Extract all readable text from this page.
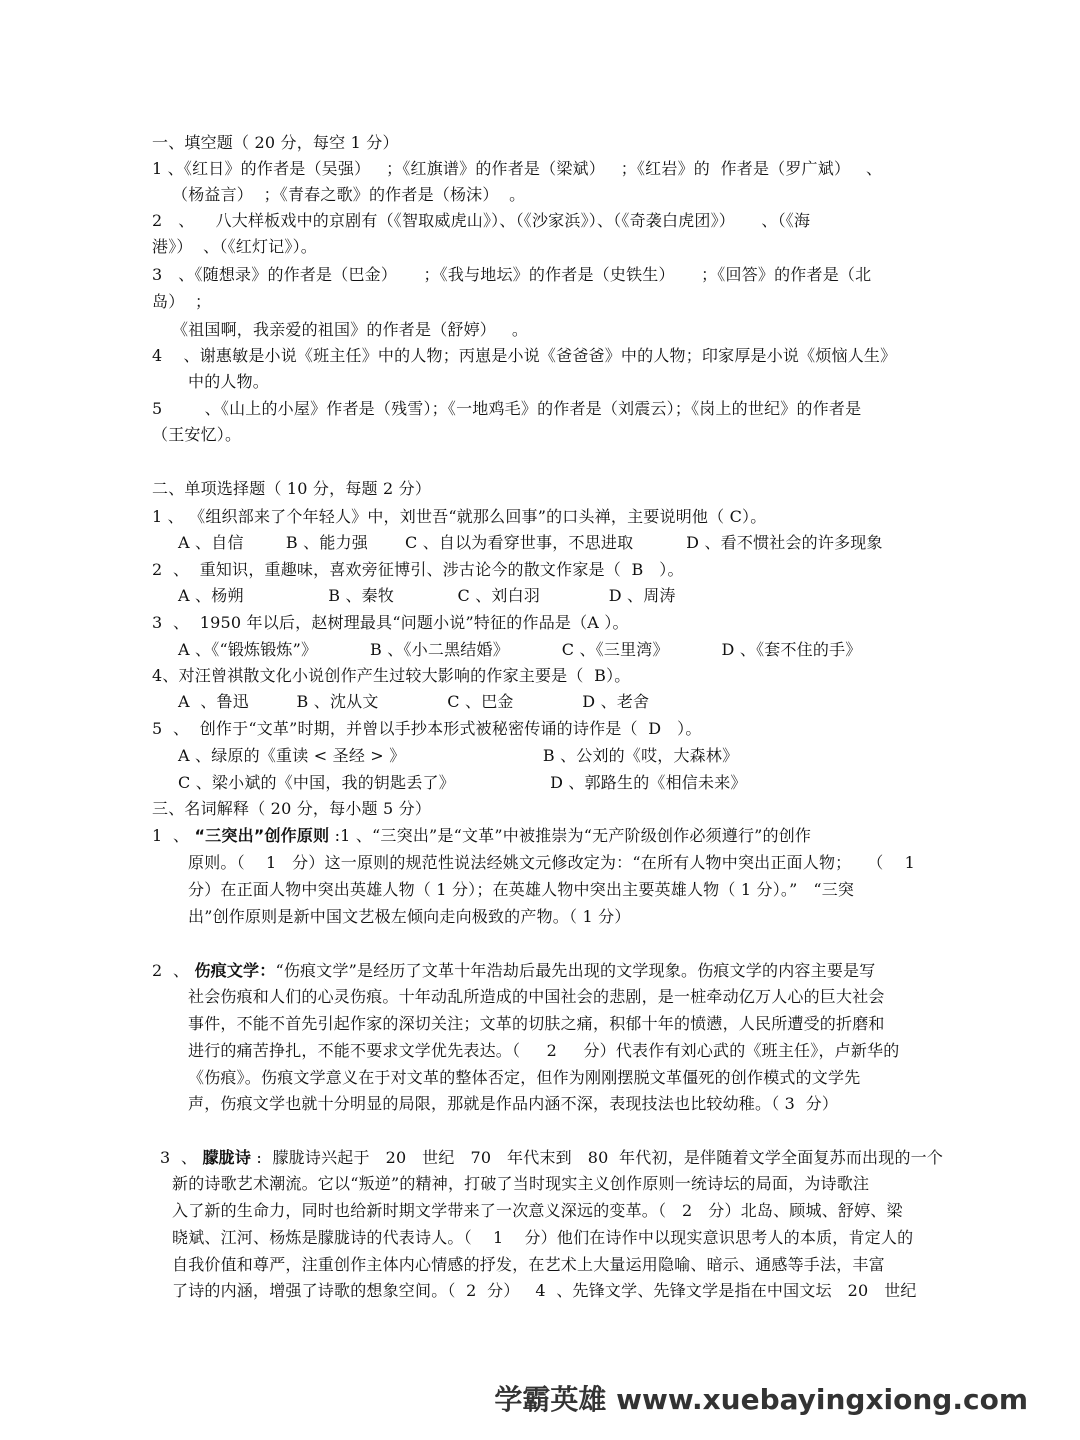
一、填空题（ 20 分，每空 1 分）
1 、《红日》的作者是（吴强）   ；《红旗谱》的作者是（梁斌）   ；《红岩》的  作者是（罗广斌）   、
（杨益言）  ；《青春之歌》的作者是（杨沫）  。
2   、    八大样板戏中的京剧有（《智取威虎山》）、（《沙家浜》）、（《奇袭白虎团》）     、（《海
港》）  、（《红灯记》）。
3   、《随想录》的作者是（巴金）     ；《我与地坛》的作者是（史铁生）     ；《回答》的作者是（北
岛）  ；
《祖国啊，我亲爱的祖国》的作者是（舒婷）   。
4    、谢惠敏是小说《班主任》中的人物；丙崽是小说《爸爸爸》中的人物；印家厚是小说《烦恼人生》
中的人物。
5        、《山上的小屋》作者是（残雪）；《一地鸡毛》的作者是（刘震云）；《岗上的世纪》的作者是
（王安忆）。
二、单项选择题（ 10 分，每题 2 分）
1 、 《组织部来了个年轻人》中，刘世吾“就那么回事”的口头禅，主要说明他（ C）。
A 、自信        B 、能力强       C 、自以为看穿世事，不思进取          D 、看不惯社会的许多现象
2  、  重知识，重趣味，喜欢旁征博引、涉古论今的散文作家是（  B   ）。
A 、杨朔                B 、秦牧            C 、刘白羽             D 、周涛
3  、  1950 年以后，赵树理最具“问题小说”特征的作品是（A ）。
A 、《“锻炼锻炼”》          B 、《小二黑结婚》          C 、《三里湾》          D 、《套不住的手》
4、对汪曾祺散文化小说创作产生过较大影响的作家主要是（  B）。
A  、鲁迅         B 、沈从文             C 、巴金             D 、老舍
5  、  创作于“文革”时期，并曾以手抄本形式被秘密传诵的诗作是（  D   ）。
A 、绿原的《重读 < 圣经 > 》                          B 、公刘的《哎，大森林》
C 、梁小斌的《中国，我的钥匙丢了》                  D 、郭路生的《相信未来》
三、名词解释（ 20 分，每小题 5 分）
1  、 “三突出”创作原则 :1 、“三突出”是“文革”中被推崇为“无产阶级创作必须遵行”的创作
原则。（    1   分）这一原则的规范性说法经姚文元修改定为：“在所有人物中突出正面人物；   （    1
分）在正面人物中突出英雄人物（ 1 分）；在英雄人物中突出主要英雄人物（ 1 分）。”   “三突
出”创作原则是新中国文艺极左倾向走向极致的产物。（ 1 分）
2  、 伤痕文学：“伤痕文学”是经历了文革十年浩劫后最先出现的文学现象。伤痕文学的内容主要是写
社会伤痕和人们的心灵伤痕。十年动乱所造成的中国社会的悲剧，是一桩牵动亿万人心的巨大社会
事件，不能不首先引起作家的深切关注；文革的切肤之痛，积郁十年的愤懑，人民所遭受的折磨和
进行的痛苦挣扎，不能不要求文学优先表达。（     2     分）代表作有刘心武的《班主任》，卢新华的
《伤痕》。伤痕文学意义在于对文革的整体否定，但作为刚刚摆脱文革僵死的创作模式的文学先
声，伤痕文学也就十分明显的局限，那就是作品内涵不深，表现技法也比较幼稚。（ 3  分）
3  、 朦胧诗 :  朦胧诗兴起于   20   世纪   70   年代末到   80  年代初，是伴随着文学全面复苏而出现的一个
新的诗歌艺术潮流。它以“叛逆”的精神，打破了当时现实主义创作原则一统诗坛的局面，为诗歌注
入了新的生命力，同时也给新时期文学带来了一次意义深远的变革。（   2   分）北岛、顾城、舒婷、梁
晓斌、江河、杨炼是朦胧诗的代表诗人。（    1    分）他们在诗作中以现实意识思考人的本质，肯定人的
自我价值和尊严，注重创作主体内心情感的抒发，在艺术上大量运用隐喻、暗示、通感等手法，丰富
了诗的内涵，增强了诗歌的想象空间。（  2  分）   4  、先锋文学、先锋文学是指在中国文坛   20   世纪
学霸英雄 www.xuebayingxiong.com
